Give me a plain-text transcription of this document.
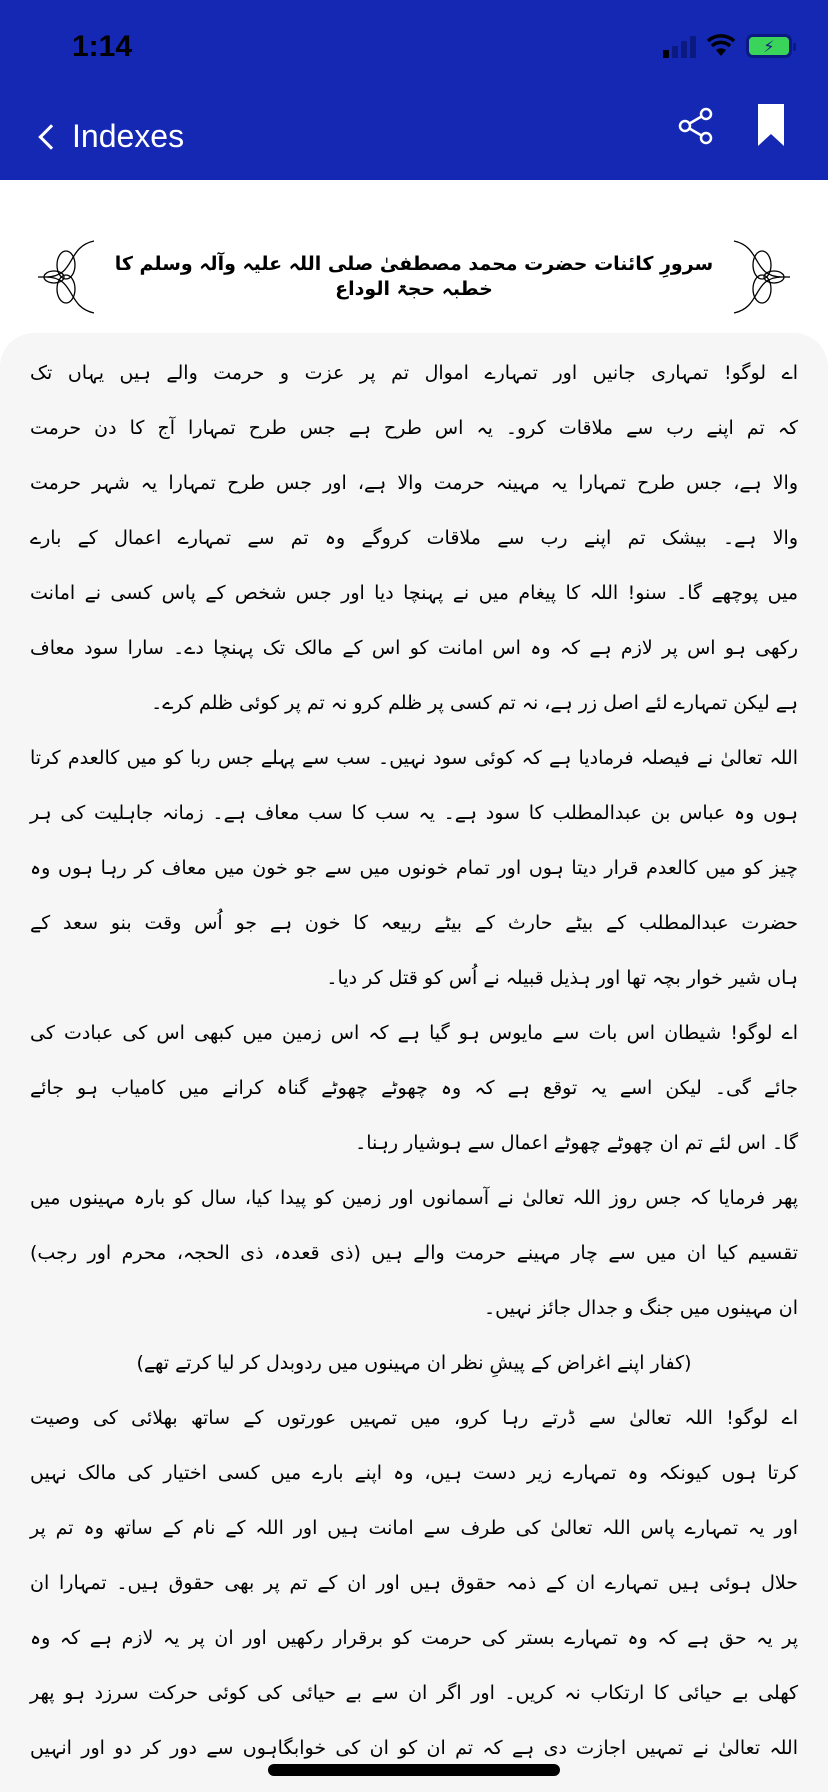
1:14	⚡
Indexes
سرورِ کائنات حضرت محمد مصطفیٰ صلی اللہ علیہ وآلہ وسلم کا خطبہ حجۃ الوداع
اے لوگو! تمہاری جانیں اور تمہارے اموال تم پر عزت و حرمت والے ہیں یہاں تک
کہ تم اپنے رب سے ملاقات کرو۔ یہ اس طرح ہے جس طرح تمہارا آج کا دن حرمت
والا ہے، جس طرح تمہارا یہ مہینہ حرمت والا ہے، اور جس طرح تمہارا یہ شہر حرمت
والا ہے۔ بیشک تم اپنے رب سے ملاقات کروگے وہ تم سے تمہارے اعمال کے بارے
میں پوچھے گا۔ سنو! اللہ کا پیغام میں نے پہنچا دیا اور جس شخص کے پاس کسی نے امانت
رکھی ہو اس پر لازم ہے کہ وہ اس امانت کو اس کے مالک تک پہنچا دے۔ سارا سود معاف
ہے لیکن تمہارے لئے اصل زر ہے، نہ تم کسی پر ظلم کرو نہ تم پر کوئی ظلم کرے۔
اللہ تعالیٰ نے فیصلہ فرمادیا ہے کہ کوئی سود نہیں۔ سب سے پہلے جس ربا کو میں کالعدم کرتا
ہوں وہ عباس بن عبدالمطلب کا سود ہے۔ یہ سب کا سب معاف ہے۔ زمانہ جاہلیت کی ہر
چیز کو میں کالعدم قرار دیتا ہوں اور تمام خونوں میں سے جو خون میں معاف کر رہا ہوں وہ
حضرت عبدالمطلب کے بیٹے حارث کے بیٹے ربیعہ کا خون ہے جو اُس وقت بنو سعد کے
ہاں شیر خوار بچہ تھا اور ہذیل قبیلہ نے اُس کو قتل کر دیا۔
اے لوگو! شیطان اس بات سے مایوس ہو گیا ہے کہ اس زمین میں کبھی اس کی عبادت کی
جائے گی۔ لیکن اسے یہ توقع ہے کہ وہ چھوٹے چھوٹے گناہ کرانے میں کامیاب ہو جائے
گا۔ اس لئے تم ان چھوٹے چھوٹے اعمال سے ہوشیار رہنا۔
پھر فرمایا کہ جس روز اللہ تعالیٰ نے آسمانوں اور زمین کو پیدا کیا، سال کو بارہ مہینوں میں
تقسیم کیا ان میں سے چار مہینے حرمت والے ہیں (ذی قعدہ، ذی الحجہ، محرم اور رجب)
ان مہینوں میں جنگ و جدال جائز نہیں۔
(کفار اپنے اغراض کے پیشِ نظر ان مہینوں میں ردوبدل کر لیا کرتے تھے)
اے لوگو! اللہ تعالیٰ سے ڈرتے رہا کرو، میں تمہیں عورتوں کے ساتھ بھلائی کی وصیت
کرتا ہوں کیونکہ وہ تمہارے زیر دست ہیں، وہ اپنے بارے میں کسی اختیار کی مالک نہیں
اور یہ تمہارے پاس اللہ تعالیٰ کی طرف سے امانت ہیں اور اللہ کے نام کے ساتھ وہ تم پر
حلال ہوئی ہیں تمہارے ان کے ذمہ حقوق ہیں اور ان کے تم پر بھی حقوق ہیں۔ تمہارا ان
پر یہ حق ہے کہ وہ تمہارے بستر کی حرمت کو برقرار رکھیں اور ان پر یہ لازم ہے کہ وہ
کھلی بے حیائی کا ارتکاب نہ کریں۔ اور اگر ان سے بے حیائی کی کوئی حرکت سرزد ہو پھر
اللہ تعالیٰ نے تمہیں اجازت دی ہے کہ تم ان کو ان کی خوابگاہوں سے دور کر دو اور انہیں
